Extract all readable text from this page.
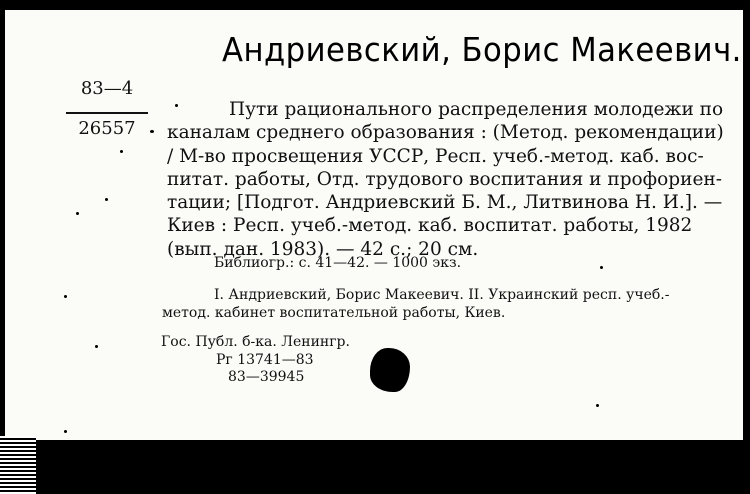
Андриевский, Борис Макеевич.
83—4
26557
Пути рационального распределения молодежи по
каналам среднего образования : (Метод. рекомендации)
/ М-во просвещения УССР, Респ. учеб.-метод. каб. вос-
питат. работы, Отд. трудового воспитания и профориен-
тации; [Подгот. Андриевский Б. М., Литвинова Н. И.]. —
Киев : Респ. учеб.-метод. каб. воспитат. работы, 1982
(вып. дан. 1983). — 42 с.; 20 см.
Библиогр.: с. 41—42. — 1000 экз.
I. Андриевский, Борис Макеевич. II. Украинский респ. учеб.-
метод. кабинет воспитательной работы, Киев.
Гос. Публ. б-ка. Ленингр.
Рг 13741—83
83—39945
